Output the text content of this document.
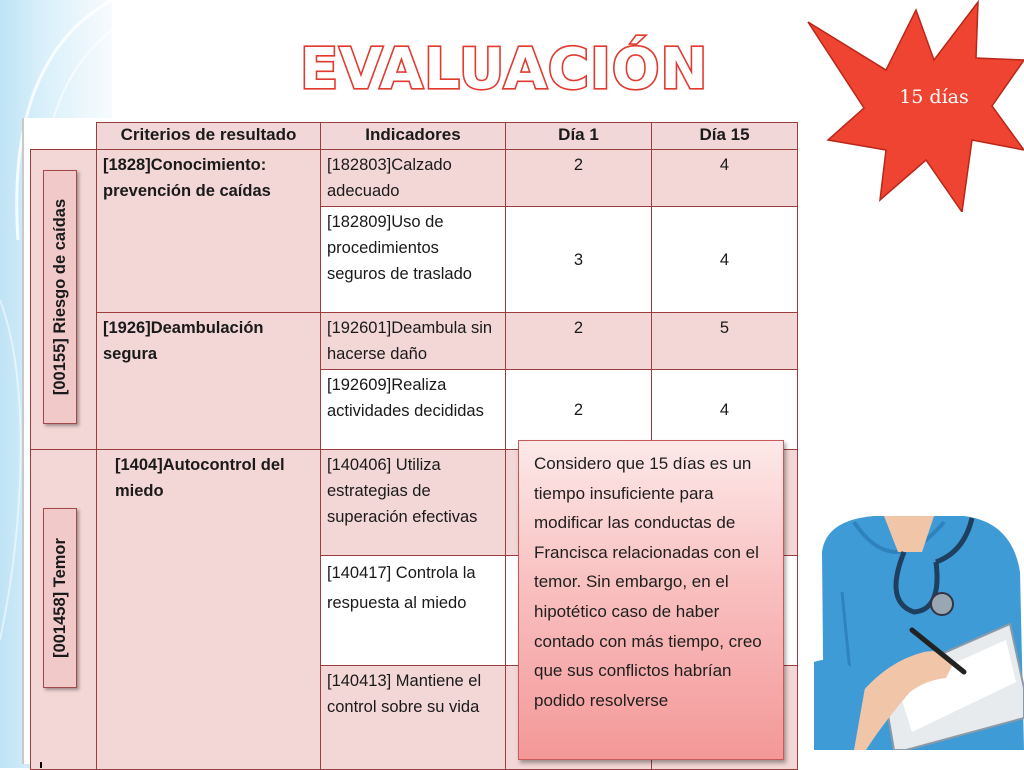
EVALUACIÓN	15 días
	Criterios de resultado	Indicadores	Día 1	Día 15

[00155] Riesgo de caídas	[1828]Conocimiento: prevención de caídas	[182803]Calzado adecuado	2	4
		[182809]Uso de procedimientos seguros de traslado	3	4
	[1926]Deambulación segura	[192601]Deambula sin hacerse daño	2	5
		[192609]Realiza actividades decididas	2	4

[001458] Temor	[1404]Autocontrol del miedo	[140406] Utiliza estrategias de superación efectivas		
		[140417] Controla la respuesta al miedo		
		[140413] Mantiene el control sobre su vida		

Considero que 15 días es un tiempo insuficiente para modificar las conductas de Francisca relacionadas con el temor. Sin embargo, en el hipotético caso de haber contado con más tiempo, creo que sus conflictos habrían podido resolverse
